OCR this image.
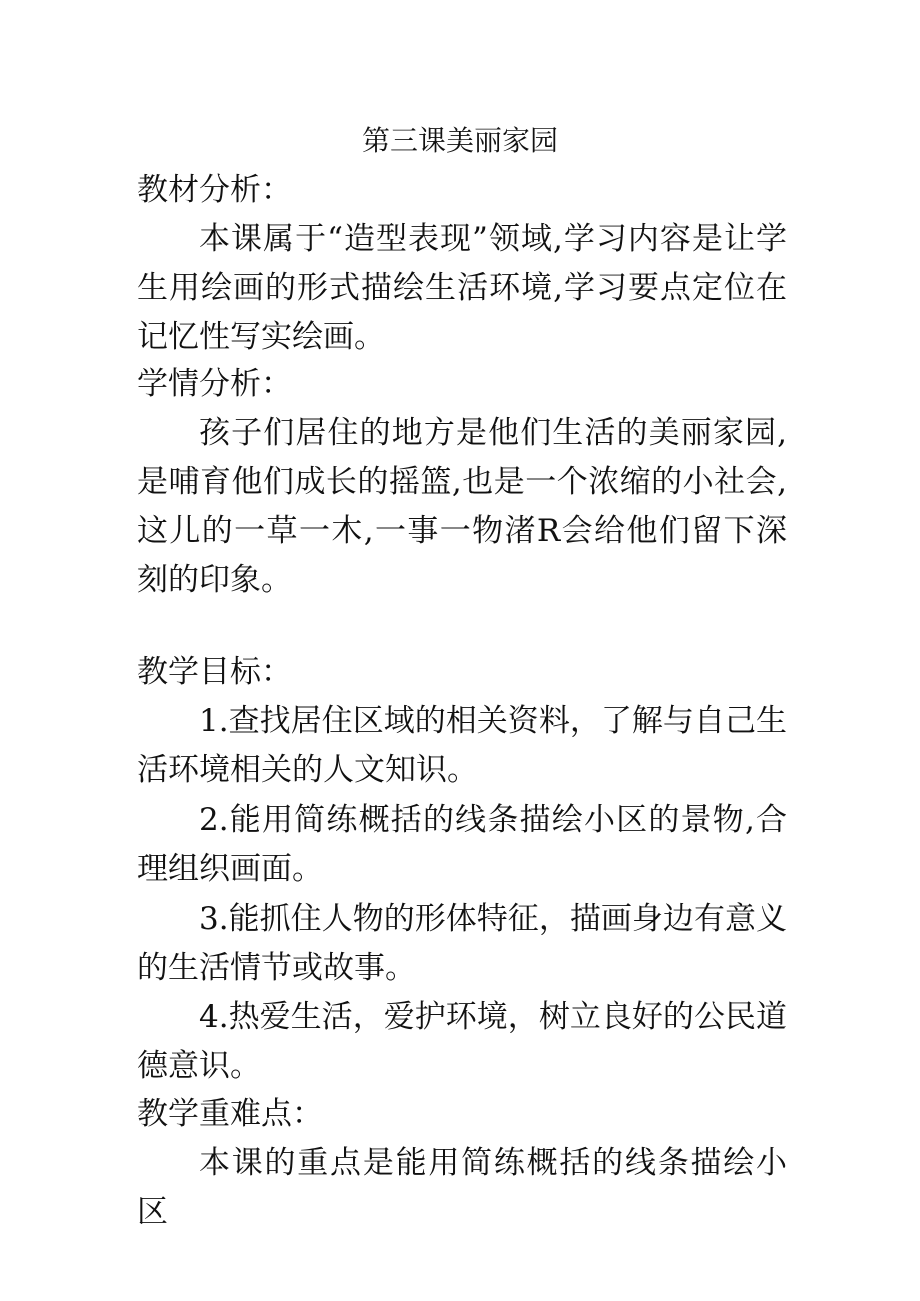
第三课美丽家园
教材分析：

本课属于“造型表现”领域,学习内容是让学生用绘画的形式描绘生活环境,学习要点定位在记忆性写实绘画。

学情分析：

孩子们居住的地方是他们生活的美丽家园,是哺育他们成长的摇篮,也是一个浓缩的小社会,这儿的一草一木,一事一物渚R会给他们留下深刻的印象。

教学目标：

1.查找居住区域的相关资料，了解与自己生活环境相关的人文知识。

2.能用简练概括的线条描绘小区的景物,合理组织画面。

3.能抓住人物的形体特征，描画身边有意义的生活情节或故事。

4.热爱生活，爱护环境，树立良好的公民道德意识。

教学重难点：

本课的重点是能用简练概括的线条描绘小区
